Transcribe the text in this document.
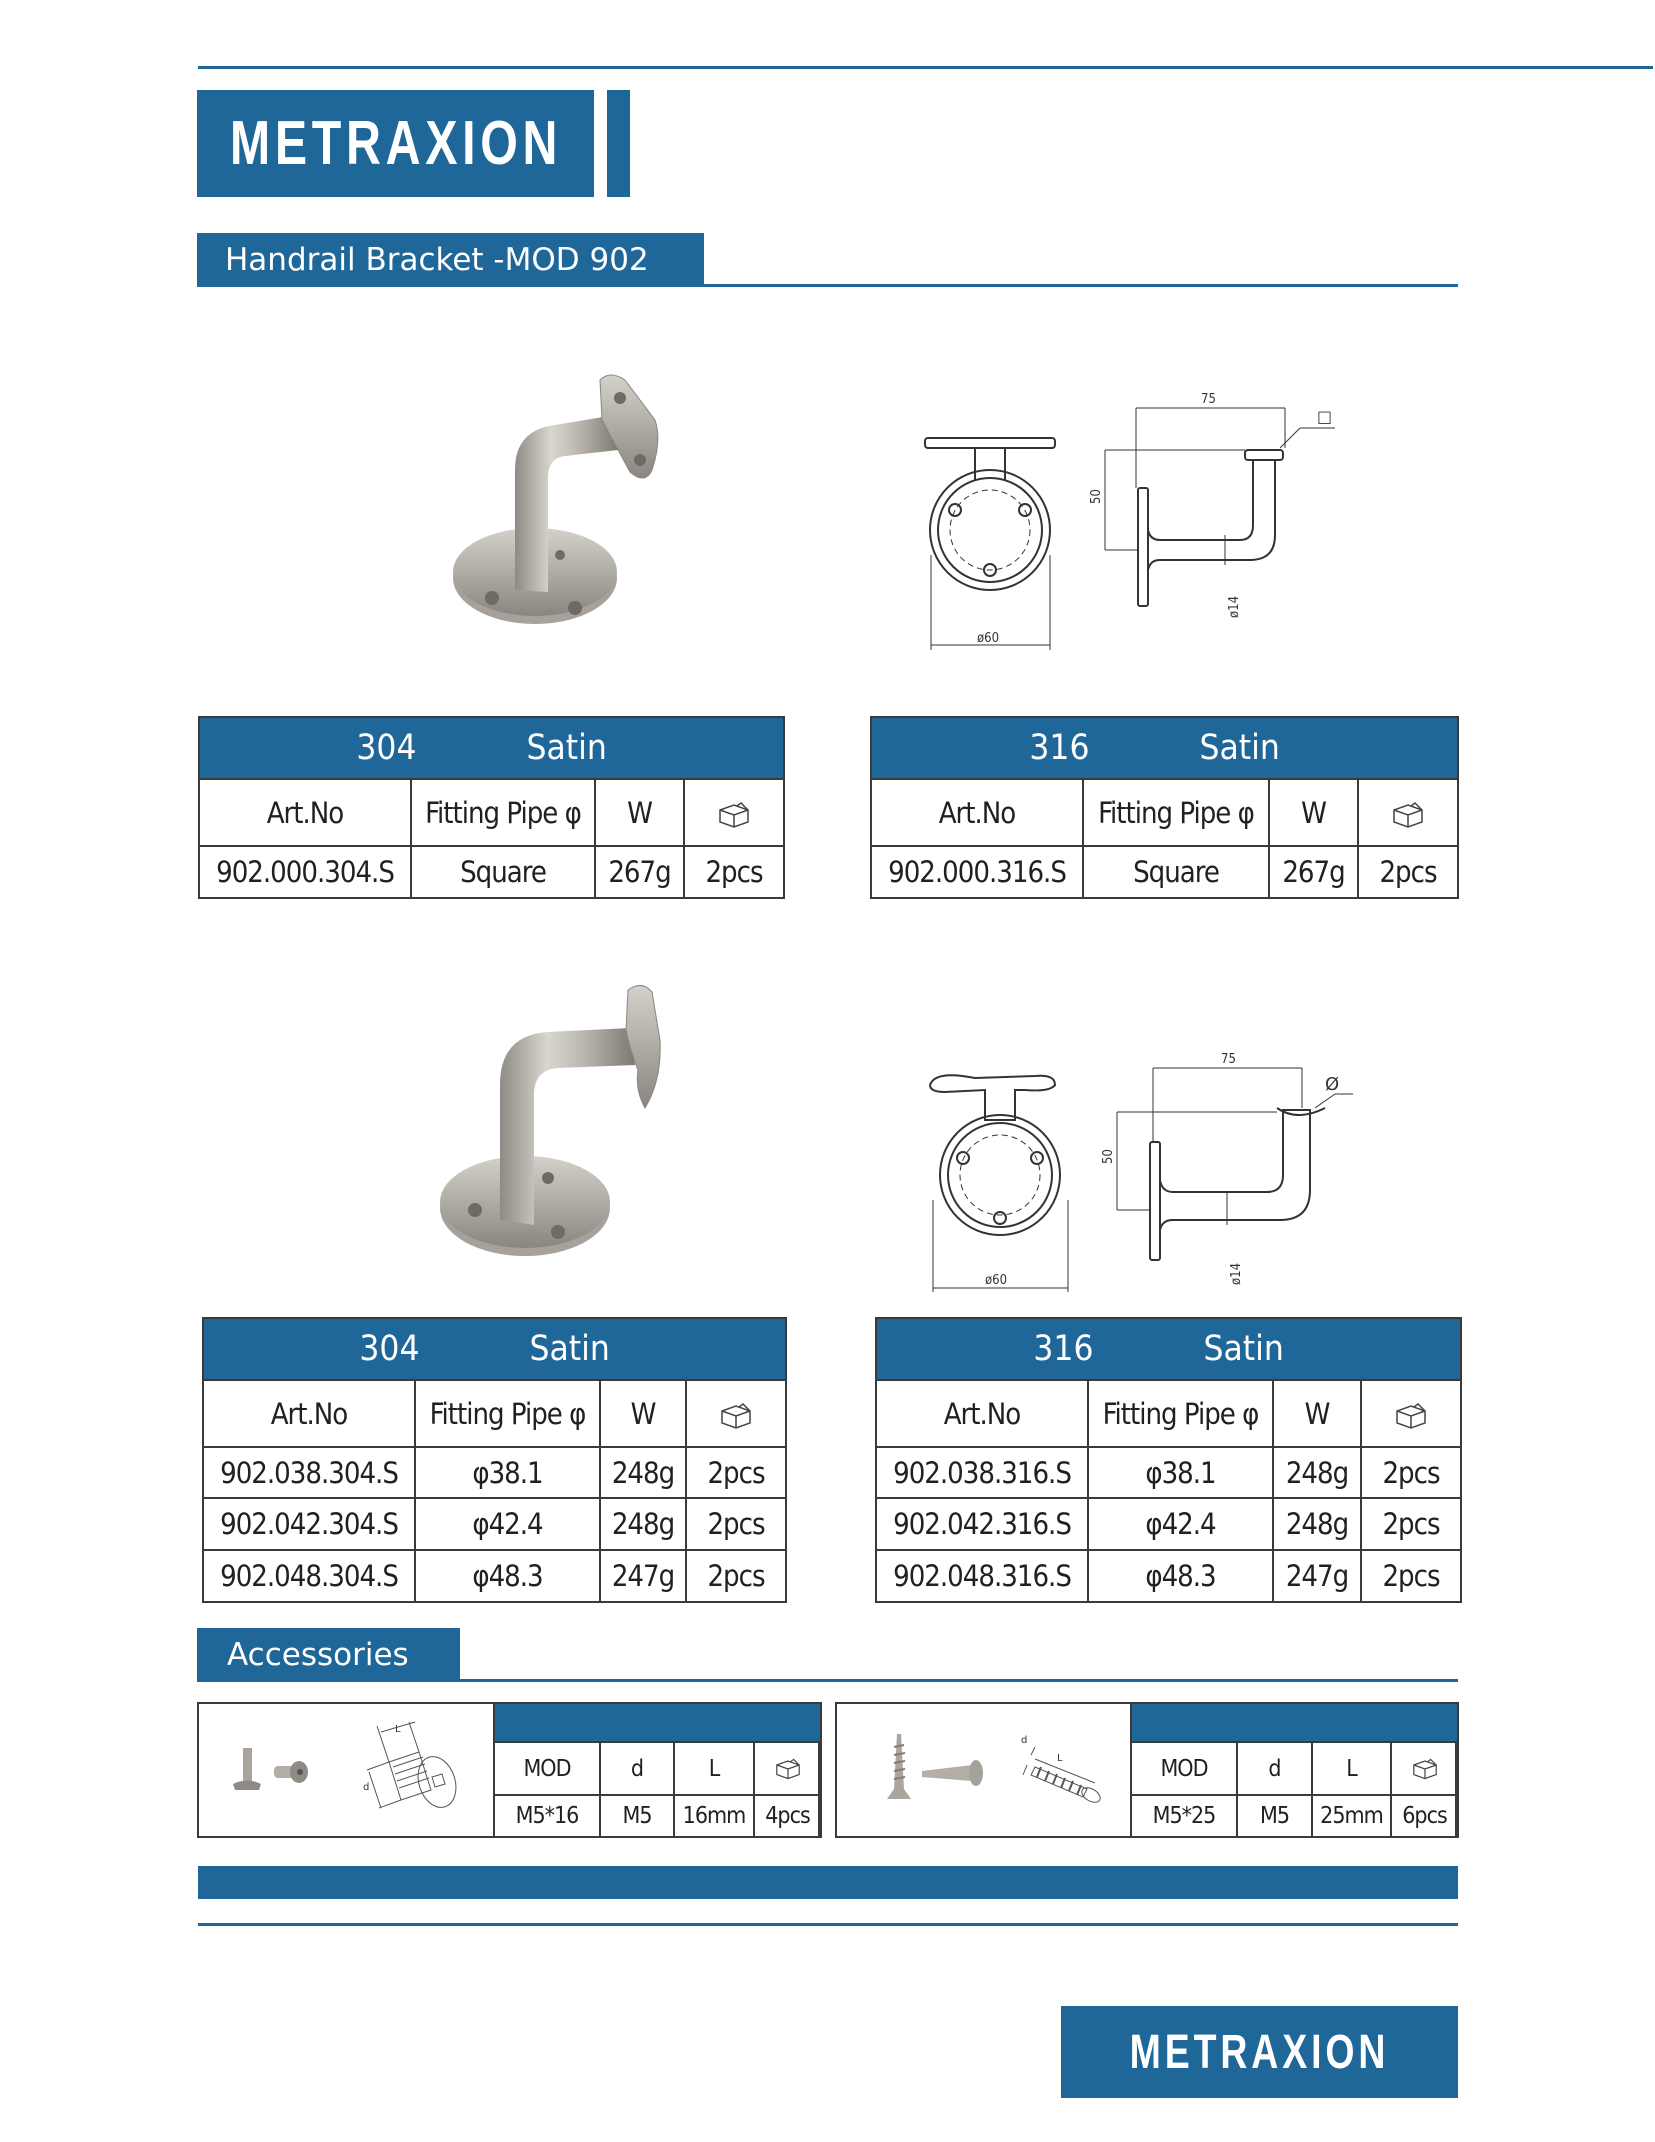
METRAXION
Handrail Bracket -MOD 902
ø60
75
50
ø14
□
304 Satin			
Art.No	Fitting Pipe φ	W	
902.000.304.S	Square	267g	2pcs
316 Satin			
Art.No	Fitting Pipe φ	W	
902.000.316.S	Square	267g	2pcs
ø60
75
50
ø14
Ø
304 Satin			
Art.No	Fitting Pipe φ	W	
902.038.304.S	φ38.1	248g	2pcs
902.042.304.S	φ42.4	248g	2pcs
902.048.304.S	φ48.3	247g	2pcs
316 Satin			
Art.No	Fitting Pipe φ	W	
902.038.316.S	φ38.1	248g	2pcs
902.042.316.S	φ42.4	248g	2pcs
902.048.316.S	φ48.3	247g	2pcs
Accessories
L
d

MOD	d	L	
M5*16	M5	16mm	4pcs
d
L	MOD	d	L	
M5*25	M5	25mm	6pcs
METRAXION
